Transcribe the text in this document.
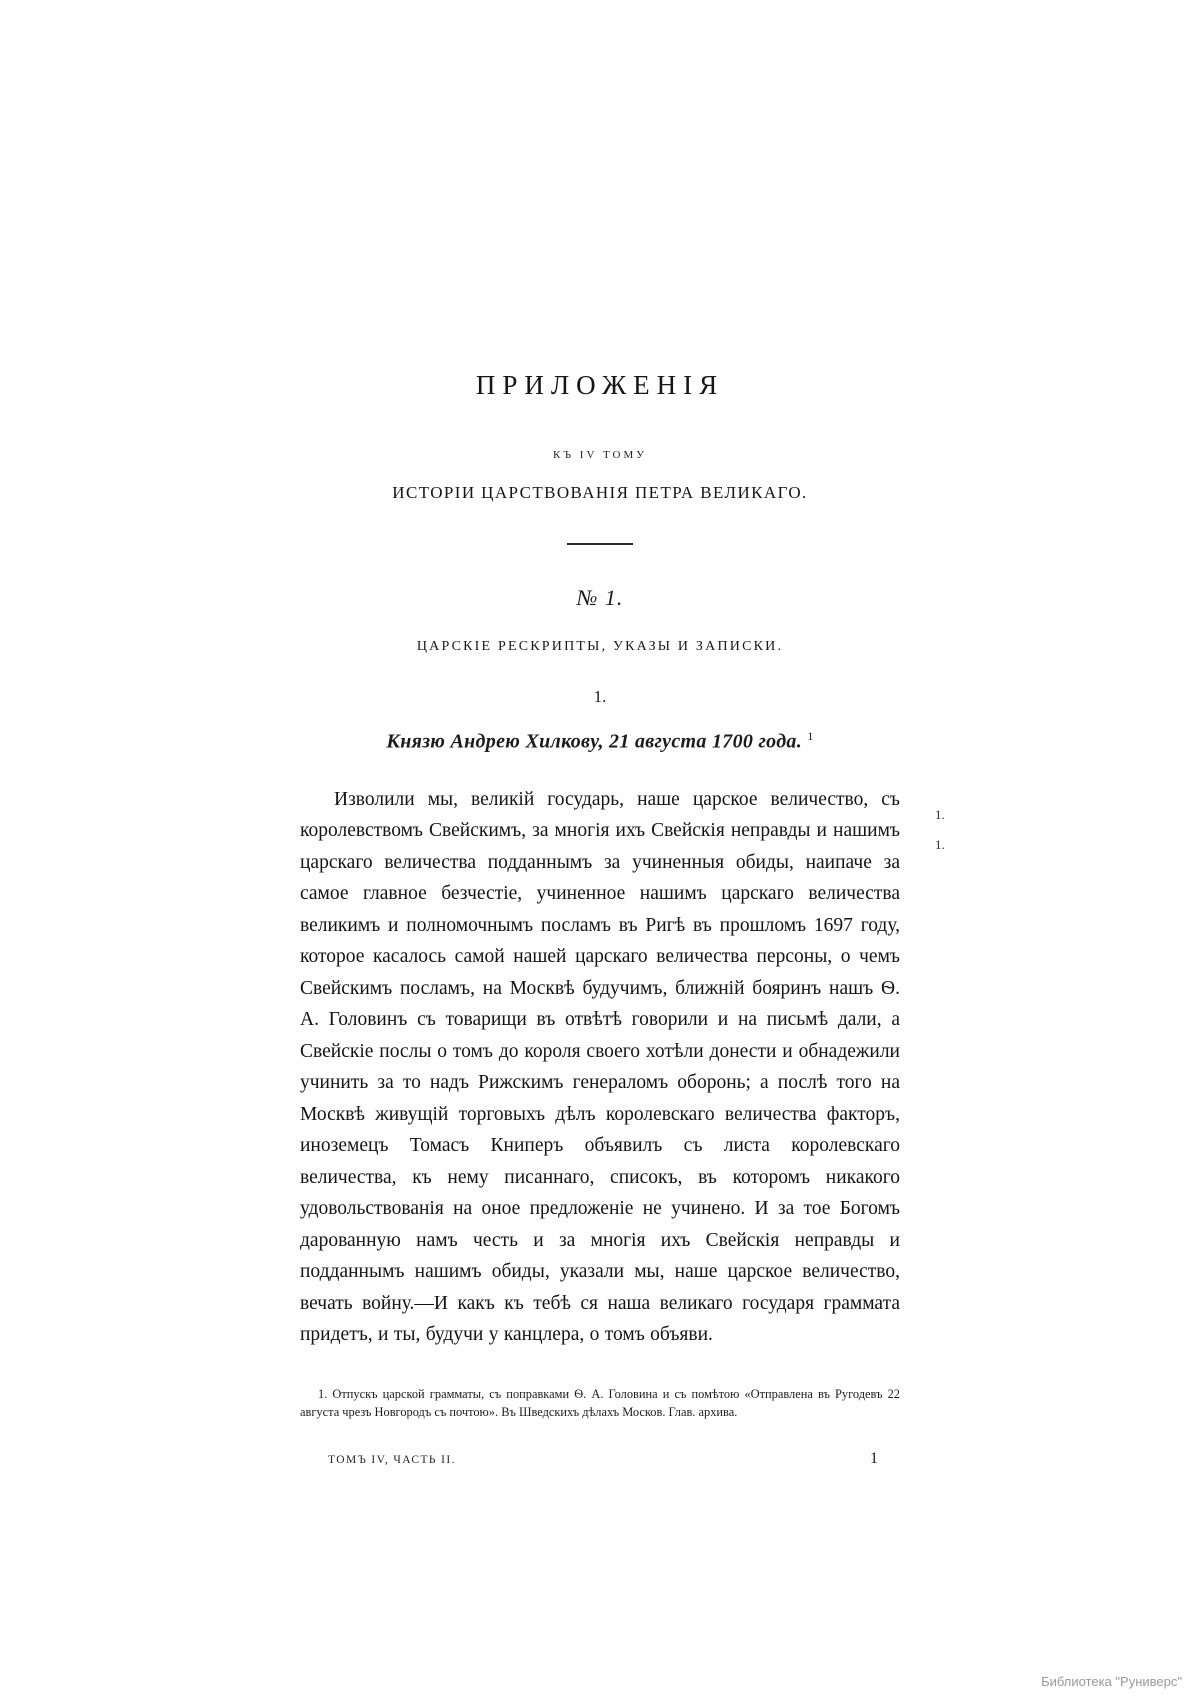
ПРИЛОЖЕНІЯ
КЪ IV ТОМУ
ИСТОРІИ ЦАРСТВОВАНІЯ ПЕТРА ВЕЛИКАГО.
№ 1.
ЦАРСКІЕ РЕСКРИПТЫ, УКАЗЫ И ЗАПИСКИ.
1.
Князю Андрею Хилкову, 21 августа 1700 года. $^1$

Изволили мы, великій государь, наше царское величество, съ королевствомъ Свейскимъ, за многія ихъ Свейскія неправды и нашимъ царскаго величества подданнымъ за учиненныя обиды, наипаче за самое главное безчестіе, учиненное нашимъ царскаго величества великимъ и полномочнымъ посламъ въ Ригѣ въ прошломъ 1697 году, которое касалось самой нашей царскаго величества персоны, о чемъ Свейскимъ посламъ, на Москвѣ будучимъ, ближній бояринъ нашъ Ѳ. А. Головинъ съ товарищи въ отвѣтѣ говорили и на письмѣ дали, а Свейскіе послы о томъ до короля своего хотѣли донести и обнадежили учинить за то надъ Рижскимъ генераломъ оборонь; а послѣ того на Москвѣ живущій торговыхъ дѣлъ королевскаго величества факторъ, иноземецъ Томасъ Книперъ объявилъ съ листа королевскаго величества, къ нему писаннаго, списокъ, въ которомъ никакого удовольствованія на оное предложеніе не учинено. И за тое Богомъ дарованную намъ честь и за многія ихъ Свейскія неправды и подданнымъ нашимъ обиды, указали мы, наше царское величество, вечать войну.—И какъ къ тебѣ ся наша великаго государя граммата придетъ, и ты, будучи у канцлера, о томъ объяви.

1. Отпускъ царской грамматы, съ поправками Ѳ. А. Головина и съ помѣтою «Отправлена въ Ругодевъ 22 августа чрезъ Новгородъ съ почтою». Въ Шведскихъ дѣлахъ Москов. Глав. архива.
ТОМЪ IV, ЧАСТЬ II.	1
1.
1.
Библиотека "Руниверс"
